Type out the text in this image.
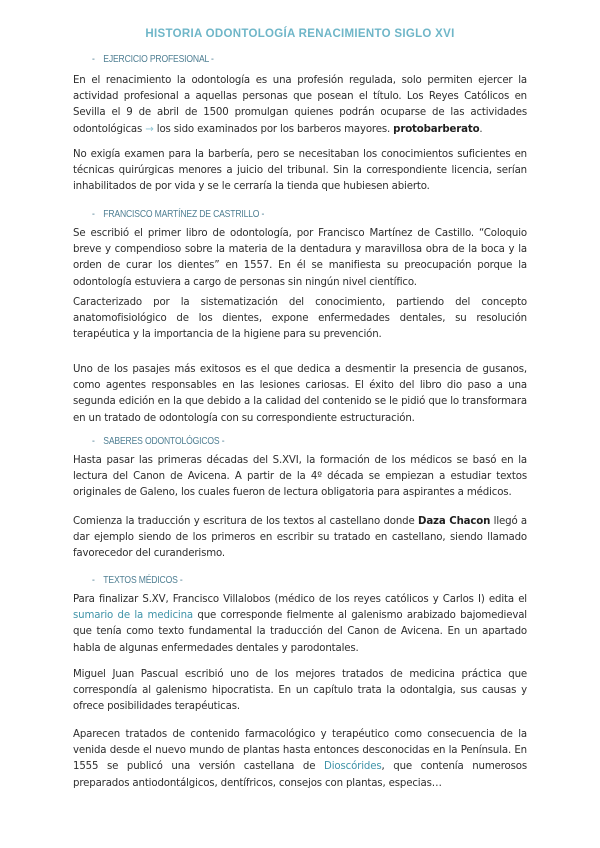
HISTORIA ODONTOLOGÍA RENACIMIENTO SIGLO XVI
- EJERCICIO PROFESIONAL -
En el renacimiento la odontología es una profesión regulada, solo permiten ejercer la actividad profesional a aquellas personas que posean el título. Los Reyes Católicos en Sevilla el 9 de abril de 1500 promulgan quienes podrán ocuparse de las actividades odontológicas → los sido examinados por los barberos mayores. protobarberato.
No exigía examen para la barbería, pero se necesitaban los conocimientos suficientes en técnicas quirúrgicas menores a juicio del tribunal. Sin la correspondiente licencia, serían inhabilitados de por vida y se le cerraría la tienda que hubiesen abierto.
- FRANCISCO MARTÍNEZ DE CASTRILLO -
Se escribió el primer libro de odontología, por Francisco Martínez de Castillo. “Coloquio breve y compendioso sobre la materia de la dentadura y maravillosa obra de la boca y la orden de curar los dientes” en 1557. En él se manifiesta su preocupación porque la odontología estuviera a cargo de personas sin ningún nivel científico.
Caracterizado por la sistematización del conocimiento, partiendo del concepto anatomofisiológico de los dientes, expone enfermedades dentales, su resolución terapéutica y la importancia de la higiene para su prevención.
Uno de los pasajes más exitosos es el que dedica a desmentir la presencia de gusanos, como agentes responsables en las lesiones cariosas. El éxito del libro dio paso a una segunda edición en la que debido a la calidad del contenido se le pidió que lo transformara en un tratado de odontología con su correspondiente estructuración.
- SABERES ODONTOLÓGICOS -
Hasta pasar las primeras décadas del S.XVI, la formación de los médicos se basó en la lectura del Canon de Avicena. A partir de la 4º década se empiezan a estudiar textos originales de Galeno, los cuales fueron de lectura obligatoria para aspirantes a médicos.
Comienza la traducción y escritura de los textos al castellano donde Daza Chacon llegó a dar ejemplo siendo de los primeros en escribir su tratado en castellano, siendo llamado favorecedor del curanderismo.
- TEXTOS MÉDICOS -
Para finalizar S.XV, Francisco Villalobos (médico de los reyes católicos y Carlos I) edita el sumario de la medicina que corresponde fielmente al galenismo arabizado bajomedieval que tenía como texto fundamental la traducción del Canon de Avicena. En un apartado habla de algunas enfermedades dentales y parodontales.
Miguel Juan Pascual escribió uno de los mejores tratados de medicina práctica que correspondía al galenismo hipocratista. En un capítulo trata la odontalgia, sus causas y ofrece posibilidades terapéuticas.
Aparecen tratados de contenido farmacológico y terapéutico como consecuencia de la venida desde el nuevo mundo de plantas hasta entonces desconocidas en la Península. En 1555 se publicó una versión castellana de Dioscórides, que contenía numerosos preparados antiodontálgicos, dentífricos, consejos con plantas, especias…
